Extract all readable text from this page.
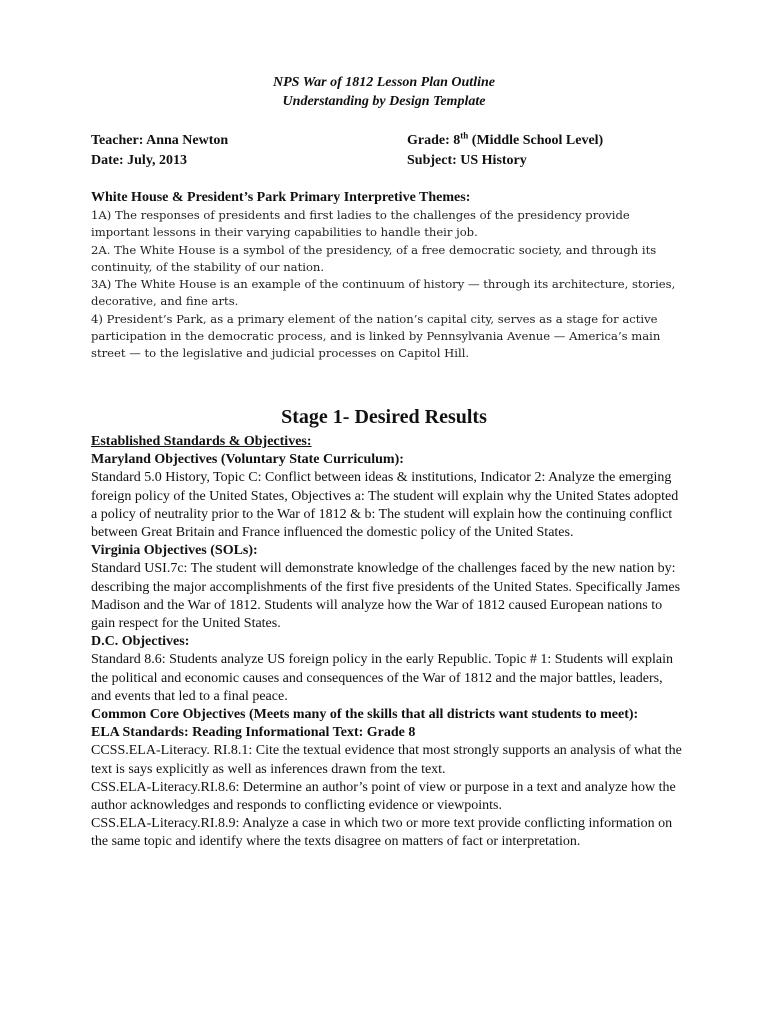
NPS War of 1812 Lesson Plan Outline
Understanding by Design Template
Teacher: Anna Newton	Grade: 8th (Middle School Level)
Date: July, 2013	Subject: US History
White House & President’s Park Primary Interpretive Themes:

1A) The responses of presidents and first ladies to the challenges of the presidency provide important lessons in their varying capabilities to handle their job.

2A. The White House is a symbol of the presidency, of a free democratic society, and through its continuity, of the stability of our nation.

3A) The White House is an example of the continuum of history — through its architecture, stories, decorative, and fine arts.

4) President’s Park, as a primary element of the nation’s capital city, serves as a stage for active participation in the democratic process, and is linked by Pennsylvania Avenue — America’s main street — to the legislative and judicial processes on Capitol Hill.

Stage 1- Desired Results

Established Standards & Objectives:

Maryland Objectives (Voluntary State Curriculum):

Standard 5.0 History, Topic C: Conflict between ideas & institutions, Indicator 2: Analyze the emerging foreign policy of the United States, Objectives a: The student will explain why the United States adopted a policy of neutrality prior to the War of 1812 & b: The student will explain how the continuing conflict between Great Britain and France influenced the domestic policy of the United States.

Virginia Objectives (SOLs):

Standard USI.7c: The student will demonstrate knowledge of the challenges faced by the new nation by: describing the major accomplishments of the first five presidents of the United States. Specifically James Madison and the War of 1812. Students will analyze how the War of 1812 caused European nations to gain respect for the United States.

D.C. Objectives:

Standard 8.6: Students analyze US foreign policy in the early Republic. Topic # 1: Students will explain the political and economic causes and consequences of the War of 1812 and the major battles, leaders, and events that led to a final peace.

Common Core Objectives (Meets many of the skills that all districts want students to meet):

ELA Standards: Reading Informational Text: Grade 8

CCSS.ELA-Literacy. RI.8.1: Cite the textual evidence that most strongly supports an analysis of what the text is says explicitly as well as inferences drawn from the text.

CSS.ELA-Literacy.RI.8.6: Determine an author’s point of view or purpose in a text and analyze how the author acknowledges and responds to conflicting evidence or viewpoints.

CSS.ELA-Literacy.RI.8.9: Analyze a case in which two or more text provide conflicting information on the same topic and identify where the texts disagree on matters of fact or interpretation.
